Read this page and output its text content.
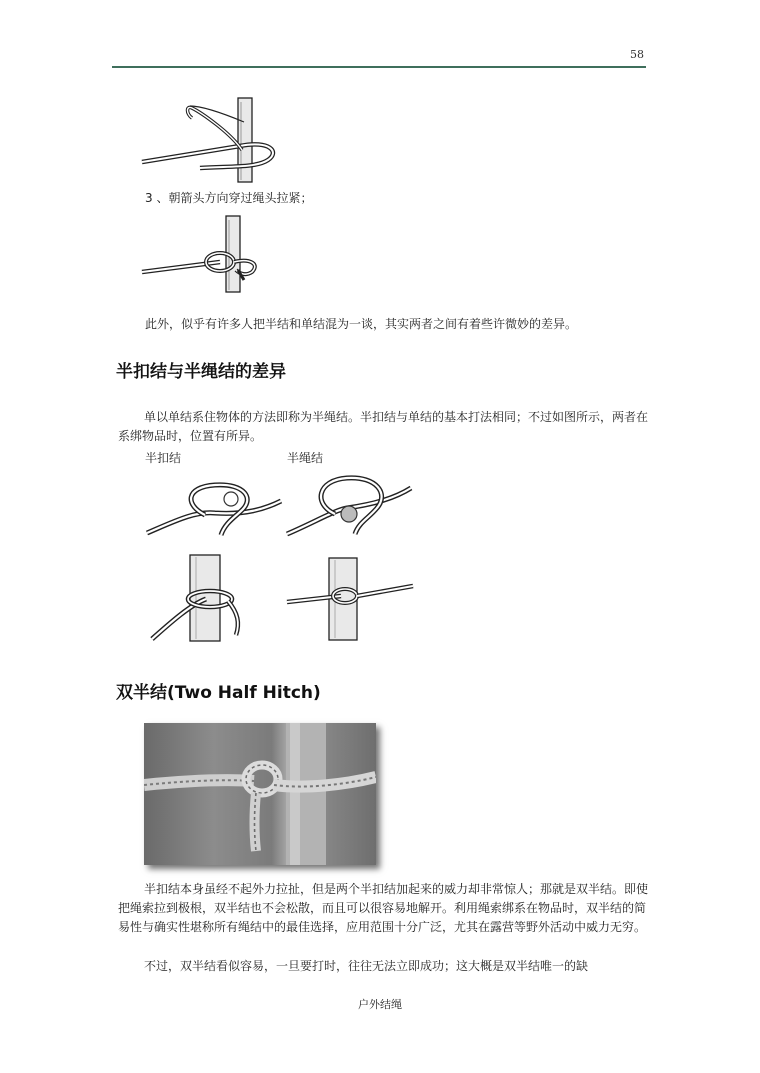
58
3 、朝箭头方向穿过绳头拉紧；

此外，似乎有许多人把半结和单结混为一谈，其实两者之间有着些许微妙的差异。

半扣结与半绳结的差异

单以单结系住物体的方法即称为半绳结。半扣结与单结的基本打法相同；不过如图所示，两者在系绑物品时，位置有所异。

半扣结	半绳结
双半结(Two Half Hitch)

半扣结本身虽经不起外力拉扯，但是两个半扣结加起来的威力却非常惊人；那就是双半结。即使把绳索拉到极根，双半结也不会松散，而且可以很容易地解开。利用绳索绑系在物品时，双半结的简易性与确实性堪称所有绳结中的最佳选择，应用范围十分广泛，尤其在露营等野外活动中威力无穷。

不过，双半结看似容易，一旦要打时，往往无法立即成功；这大概是双半结唯一的缺

户外结绳
